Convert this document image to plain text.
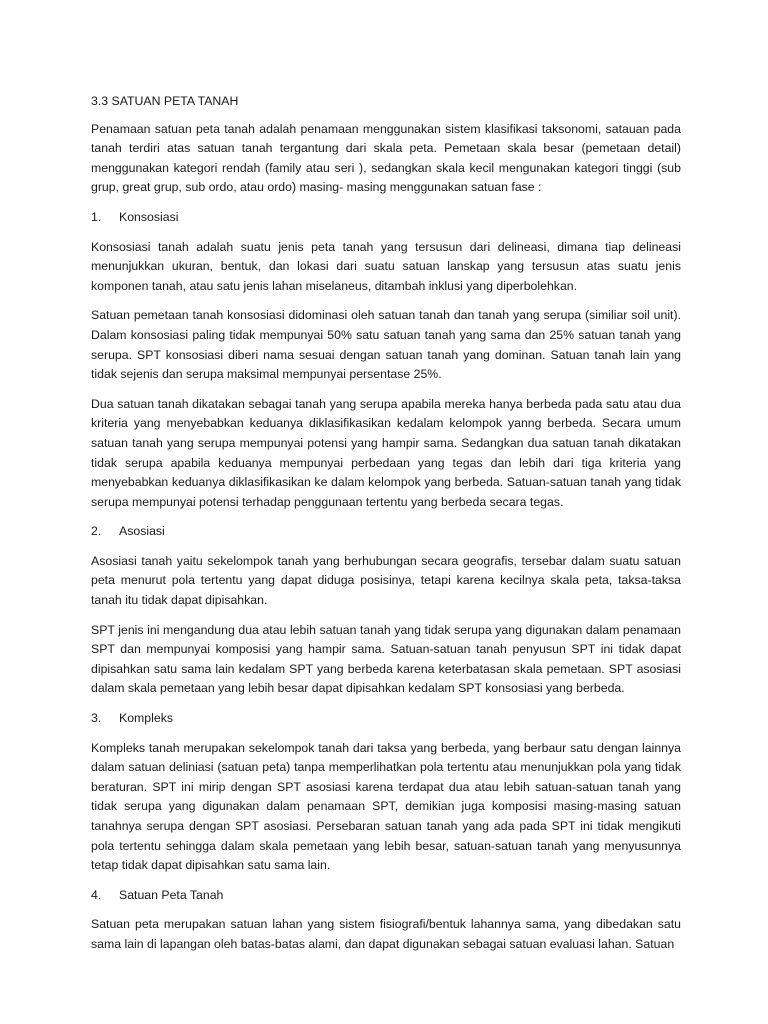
3.3 SATUAN PETA TANAH

Penamaan satuan peta tanah adalah penamaan menggunakan sistem klasifikasi taksonomi, satauan pada tanah terdiri atas satuan tanah tergantung dari skala peta. Pemetaan skala besar (pemetaan detail) menggunakan kategori rendah (family atau seri ), sedangkan skala kecil mengunakan kategori tinggi (sub grup, great grup, sub ordo, atau ordo) masing- masing menggunakan satuan fase :

1.	Konsosiasi

Konsosiasi tanah adalah suatu jenis peta tanah yang tersusun dari delineasi, dimana tiap delineasi menunjukkan ukuran, bentuk, dan lokasi dari suatu satuan lanskap yang tersusun atas suatu jenis komponen tanah, atau satu jenis lahan miselaneus, ditambah inklusi yang diperbolehkan.

Satuan pemetaan tanah konsosiasi didominasi oleh satuan tanah dan tanah yang serupa (similiar soil unit). Dalam konsosiasi paling tidak mempunyai 50% satu satuan tanah yang sama dan 25% satuan tanah yang serupa. SPT konsosiasi diberi nama sesuai dengan satuan tanah yang dominan. Satuan tanah lain yang tidak sejenis dan serupa maksimal mempunyai persentase 25%.

Dua satuan tanah dikatakan sebagai tanah yang serupa apabila mereka hanya berbeda pada satu atau dua kriteria yang menyebabkan keduanya diklasifikasikan kedalam kelompok yanng berbeda. Secara umum satuan tanah yang serupa mempunyai potensi yang hampir sama. Sedangkan dua satuan tanah dikatakan tidak serupa apabila keduanya mempunyai perbedaan yang tegas dan lebih dari tiga kriteria yang menyebabkan keduanya diklasifikasikan ke dalam kelompok yang berbeda. Satuan-satuan tanah yang tidak serupa mempunyai potensi terhadap penggunaan tertentu yang berbeda secara tegas.

2.	Asosiasi

Asosiasi tanah yaitu sekelompok tanah yang berhubungan secara geografis, tersebar dalam suatu satuan peta menurut pola tertentu yang dapat diduga posisinya, tetapi karena kecilnya skala peta, taksa-taksa tanah itu tidak dapat dipisahkan.

SPT jenis ini mengandung dua atau lebih satuan tanah yang tidak serupa yang digunakan dalam penamaan SPT dan mempunyai komposisi yang hampir sama. Satuan-satuan tanah penyusun SPT ini tidak dapat dipisahkan satu sama lain kedalam SPT yang berbeda karena keterbatasan skala pemetaan. SPT asosiasi dalam skala pemetaan yang lebih besar dapat dipisahkan kedalam SPT konsosiasi yang berbeda.

3.	Kompleks

Kompleks tanah merupakan sekelompok tanah dari taksa yang berbeda, yang berbaur satu dengan lainnya dalam satuan deliniasi (satuan peta) tanpa memperlihatkan pola tertentu atau menunjukkan pola yang tidak beraturan. SPT ini mirip dengan SPT asosiasi karena terdapat dua atau lebih satuan-satuan tanah yang tidak serupa yang digunakan dalam penamaan SPT, demikian juga komposisi masing-masing satuan tanahnya serupa dengan SPT asosiasi. Persebaran satuan tanah yang ada pada SPT ini tidak mengikuti pola tertentu sehingga dalam skala pemetaan yang lebih besar, satuan-satuan tanah yang menyusunnya tetap tidak dapat dipisahkan satu sama lain.

4.	Satuan Peta Tanah

Satuan peta merupakan satuan lahan yang sistem fisiografi/bentuk lahannya sama, yang dibedakan satu sama lain di lapangan oleh batas-batas alami, dan dapat digunakan sebagai satuan evaluasi lahan. Satuan
